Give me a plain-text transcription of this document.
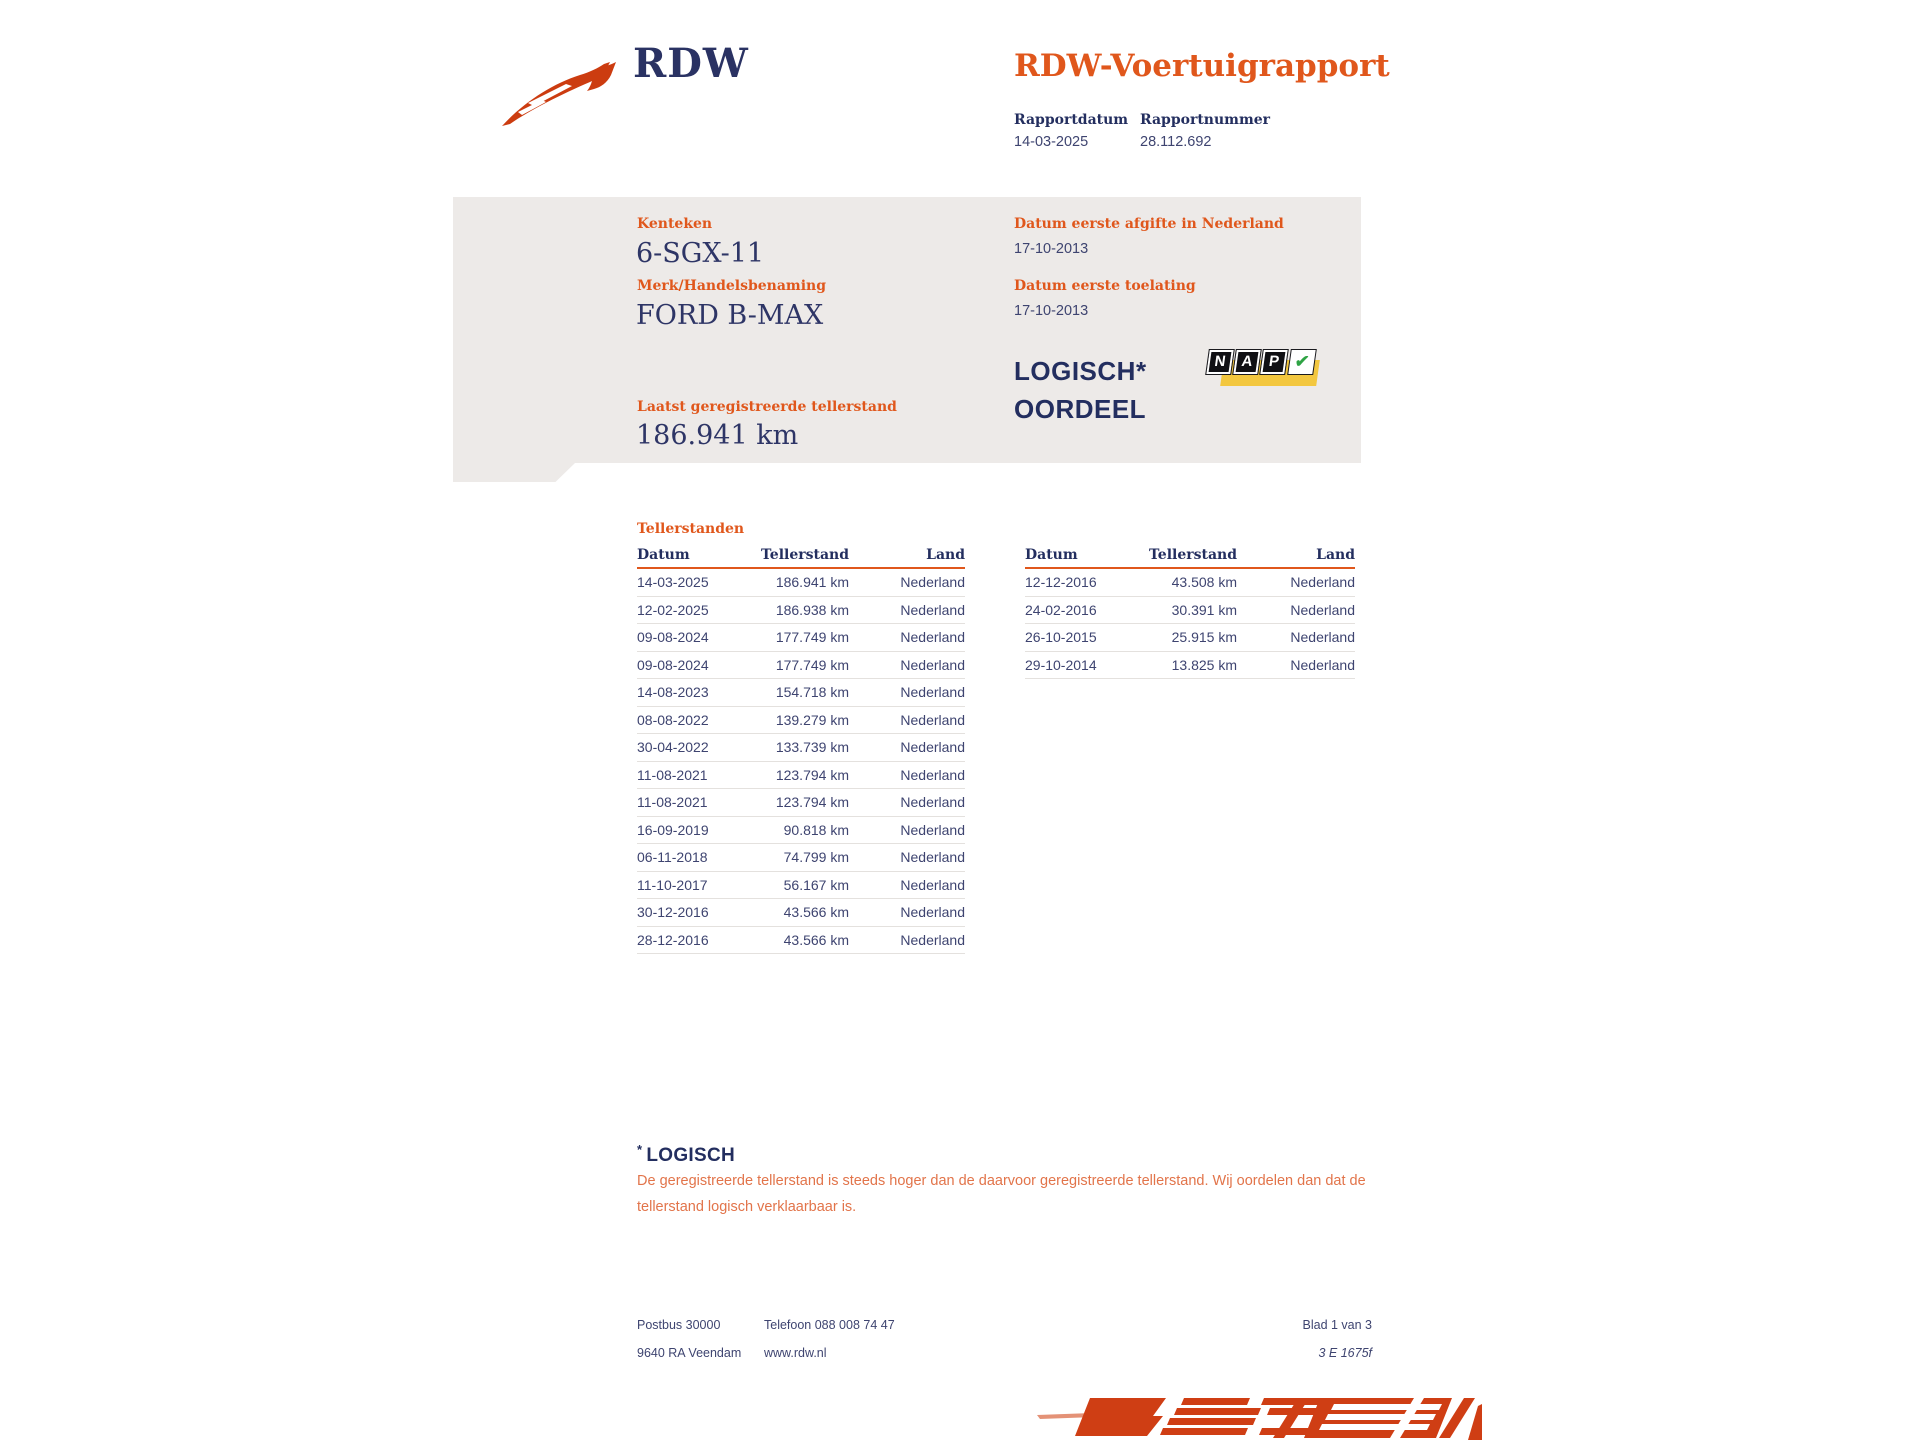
RDW	RDW-Voertuigrapport
Rapportdatum Rapportnummer
14-03-2025	28.112.692
Kenteken
6-SGX-11
Merk/Handelsbenaming
FORD B-MAX
Laatst geregistreerde tellerstand
186.941 km
Datum eerste afgifte in Nederland
17-10-2013
Datum eerste toelating
17-10-2013
LOGISCH*
OORDEEL
N A P ✔
Tellerstanden
Datum	Tellerstand	Land
14-03-2025	186.941 km	Nederland
12-02-2025	186.938 km	Nederland
09-08-2024	177.749 km	Nederland
09-08-2024	177.749 km	Nederland
14-08-2023	154.718 km	Nederland
08-08-2022	139.279 km	Nederland
30-04-2022	133.739 km	Nederland
11-08-2021	123.794 km	Nederland
11-08-2021	123.794 km	Nederland
16-09-2019	90.818 km	Nederland
06-11-2018	74.799 km	Nederland
11-10-2017	56.167 km	Nederland
30-12-2016	43.566 km	Nederland
28-12-2016	43.566 km	Nederland
Datum	Tellerstand	Land
12-12-2016	43.508 km	Nederland
24-02-2016	30.391 km	Nederland
26-10-2015	25.915 km	Nederland
29-10-2014	13.825 km	Nederland
* LOGISCH
De geregistreerde tellerstand is steeds hoger dan de daarvoor geregistreerde tellerstand. Wij oordelen dan dat de tellerstand logisch verklaarbaar is.
Postbus 30000
9640 RA Veendam
Telefoon 088 008 74 47
www.rdw.nl
Blad 1 van 3
3 E 1675f
